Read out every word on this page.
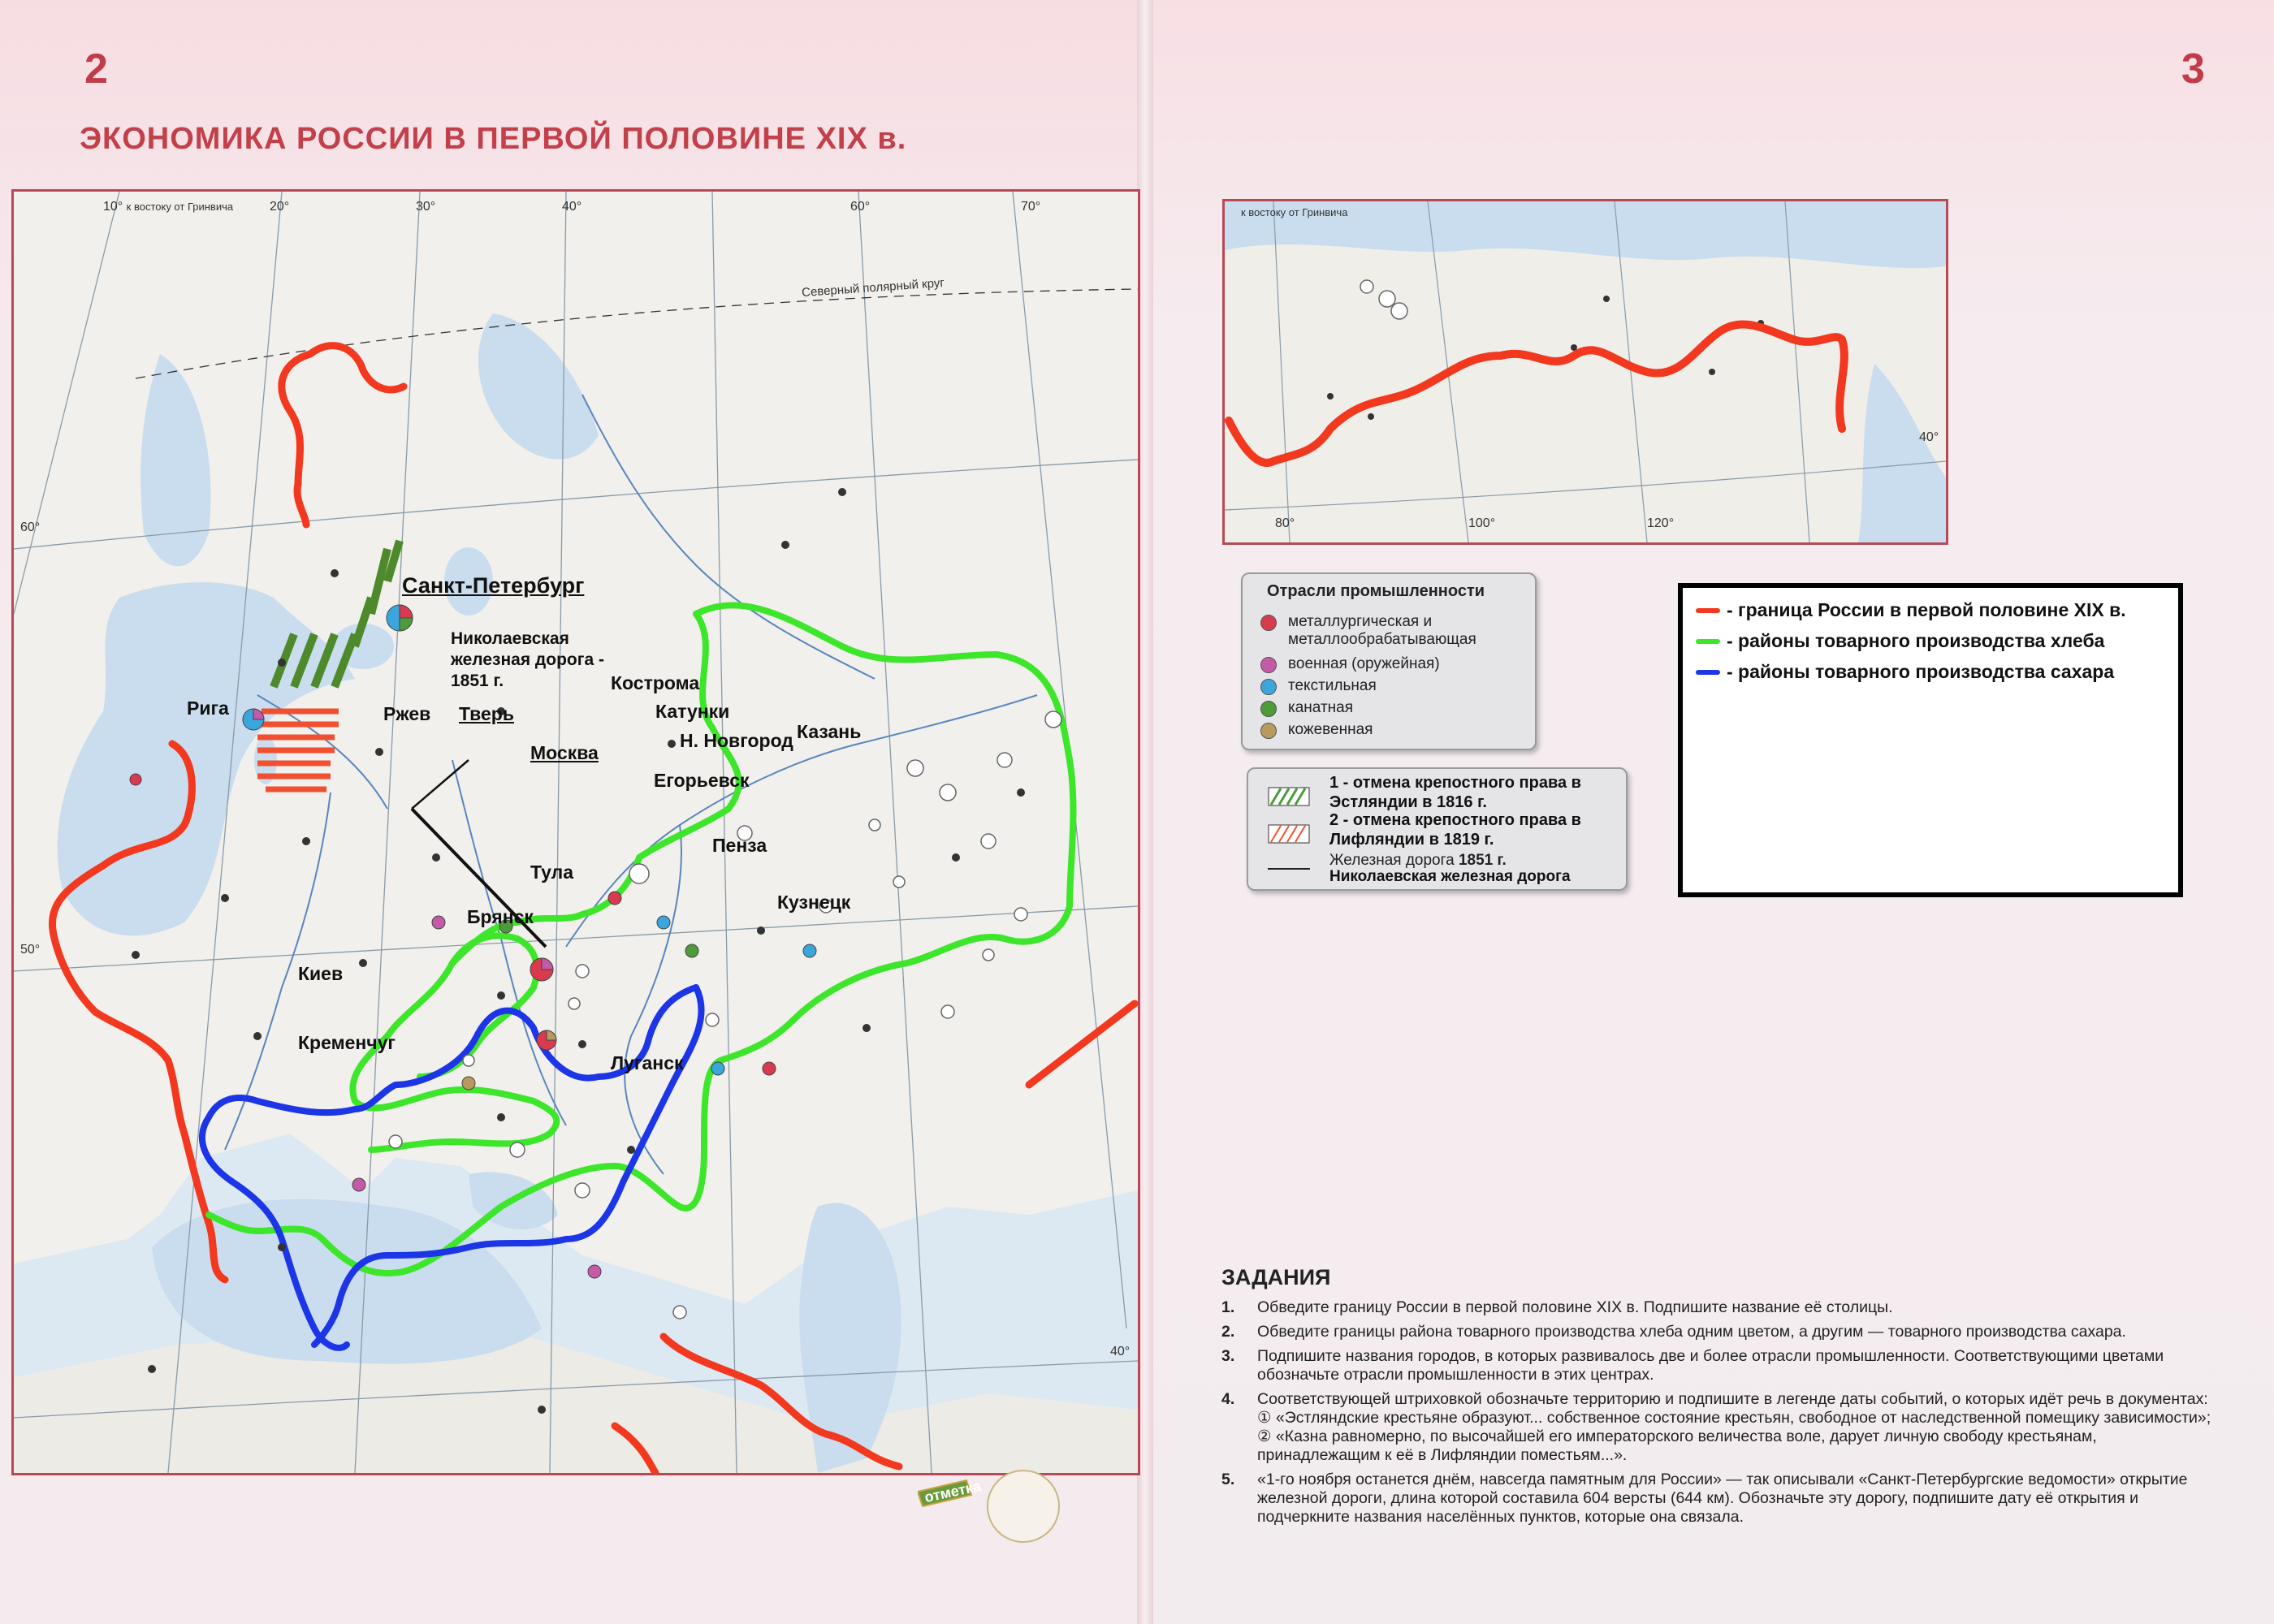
2	3
ЭКОНОМИКА РОССИИ В ПЕРВОЙ ПОЛОВИНЕ XIX в.
10° к востоку от Гринвича	20°	30°	40°	60°	70°
Северный полярный круг
60°
50°
40°
Санкт-Петербург
Николаевская железная дорога - 1851 г.
Рига	Ржев Тверь
Москва
Кострома
Катунки
Н. Новгород Казань
Егорьевск
Пенза
Тула
Брянск
Кузнецк
Киев
Кременчуг
Луганск
к востоку от Гринвича
80°	100°	120°
40°
Отрасли промышленности
металлургическая и металлообрабатывающая
военная (оружейная)
текстильная
канатная
кожевенная
1 - отмена крепостного права в Эстляндии в 1816 г.
2 - отмена крепостного права в Лифляндии в 1819 г.
Железная дорога 1851 г.
Николаевская железная дорога
- граница России в первой половине XIX в.
- районы товарного производства хлеба
- районы товарного производства сахара
ЗАДАНИЯ
1.	Обведите границу России в первой половине XIX в. Подпишите название её столицы.
2.	Обведите границы района товарного производства хлеба одним цветом, а другим — товарного производства сахара.
3.	Подпишите названия городов, в которых развивалось две и более отрасли промышленности. Соответствующими цветами обозначьте отрасли промышленности в этих центрах.
4.	Соответствующей штриховкой обозначьте территорию и подпишите в легенде даты событий, о которых идёт речь в документах: ① «Эстляндские крестьяне образуют... собственное состояние крестьян, свободное от наследственной помещику зависимости»; ② «Казна равномерно, по высочайшей его императорского величества воле, дарует личную свободу крестьянам, принадлежащим к её в Лифляндии поместьям...».
5.	«1-го ноября останется днём, навсегда памятным для России» — так описывали «Санкт-Петербургские ведомости» открытие железной дороги, длина которой составила 604 версты (644 км). Обозначьте эту дорогу, подпишите дату её открытия и подчеркните названия населённых пунктов, которые она связала.
отметка
